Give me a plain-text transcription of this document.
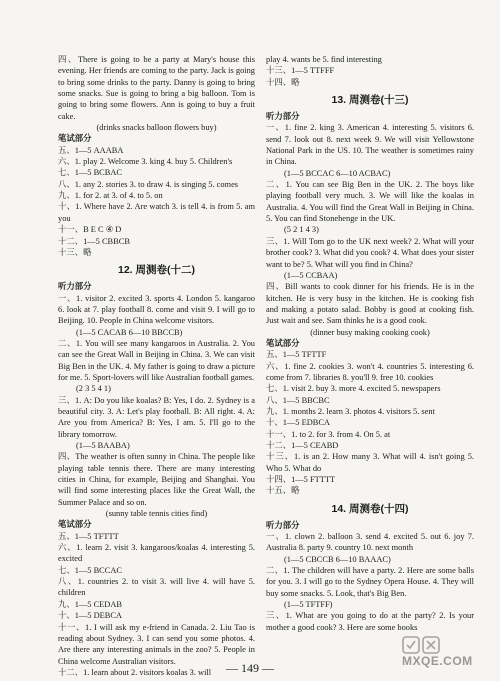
四、There is going to be a party at Mary's house this evening. Her friends are coming to the party. Jack is going to bring some drinks to the party. Danny is going to bring some snacks. Sue is going to bring a big balloon. Tom is going to bring some flowers. Ann is going to buy a fruit cake.
(drinks snacks balloon flowers buy)
笔试部分
五、1—5 AAABA
六、1. play 2. Welcome 3. king 4. buy 5. Children's
七、1—5 BCBAC
八、1. any 2. stories 3. to draw 4. is singing 5. comes
九、1. for 2. at 3. of 4. to 5. on
十、1. Where have 2. Are watch 3. is tell 4. is from 5. am you
十一、B E C ④ D
十二、1—5 CBBCB
十三、略
12. 周测卷(十二)
听力部分
一、1. visitor 2. excited 3. sports 4. London 5. kangaroo 6. look at 7. play football 8. come and visit 9. I will go to Beijing. 10. People in China welcome visitors.
(1—5 CACAB 6—10 BBCCB)
二、1. You will see many kangaroos in Australia. 2. You can see the Great Wall in Beijing in China. 3. We can visit Big Ben in the UK. 4. My father is going to draw a picture for me. 5. Sport-lovers will like Australian football games.
(2 3 5 4 1)
三、1. A: Do you like koalas? B: Yes, I do. 2. Sydney is a beautiful city. 3. A: Let's play football. B: All right. 4. A: Are you from America? B: Yes, I am. 5. I'll go to the library tomorrow.
(1—5 BAABA)
四、The weather is often sunny in China. The people like playing table tennis there. There are many interesting cities in China, for example, Beijing and Shanghai. You will find some interesting places like the Great Wall, the Summer Palace and so on.
(sunny table tennis cities find)
笔试部分
五、1—5 TFTTT
六、1. learn 2. visit 3. kangaroos/koalas 4. interesting 5. excited
七、1—5 BCCAC
八、1. countries 2. to visit 3. will live 4. will have 5. children
九、1—5 CEDAB
十、1—5 DEBCA
十一、1. I will ask my e-friend in Canada. 2. Liu Tao is reading about Sydney. 3. I can send you some photos. 4. Are there any interesting animals in the zoo? 5. People in China welcome Australian visitors.
十二、1. learn about 2. visitors koalas 3. will
play 4. wants be 5. find interesting
十三、1—5 TTFFF
十四、略
13. 周测卷(十三)
听力部分
一、1. fine 2. king 3. American 4. interesting 5. visitors 6. send 7. look out 8. next week 9. We will visit Yellowstone National Park in the US. 10. The weather is sometimes rainy in China.
(1—5 BCCAC 6—10 ACBAC)
二、1. You can see Big Ben in the UK. 2. The boys like playing football very much. 3. We will like the koalas in Australia. 4. You will find the Great Wall in Beijing in China. 5. You can find Stonehenge in the UK.
(5 2 1 4 3)
三、1. Will Tom go to the UK next week? 2. What will your brother cook? 3. What did you cook? 4. What does your sister want to be? 5. What will you find in China?
(1—5 CCBAA)
四、Bill wants to cook dinner for his friends. He is in the kitchen. He is very busy in the kitchen. He is cooking fish and making a potato salad. Bobby is good at cooking fish. Just wait and see. Sam thinks he is a good cook.
(dinner busy making cooking cook)
笔试部分
五、1—5 TFTTF
六、1. fine 2. cookies 3. won't 4. countries 5. interesting 6. come from 7. libraries 8. you'll 9. free 10. cookies
七、1. visit 2. buy 3. more 4. excited 5. newspapers
八、1—5 BBCBC
九、1. months 2. learn 3. photos 4. visitors 5. sent
十、1—5 EDBCA
十一、1. to 2. for 3. from 4. On 5. at
十二、1—5 CEABD
十三、1. is an 2. How many 3. What will 4. isn't going 5. Who 5. What do
十四、1—5 FTTTT
十五、略
14. 周测卷(十四)
听力部分
一、1. clown 2. balloon 3. send 4. excited 5. out 6. joy 7. Australia 8. party 9. country 10. next month
(1—5 CBCCB 6—10 BAAAC)
二、1. The children will have a party. 2. Here are some balls for you. 3. I will go to the Sydney Opera House. 4. They will buy some snacks. 5. Look, that's Big Ben.
(1—5 TFTFF)
三、1. What are you going to do at the party? 2. Is your mother a good cook? 3. Here are some books
— 149 —	MXQE.COM
